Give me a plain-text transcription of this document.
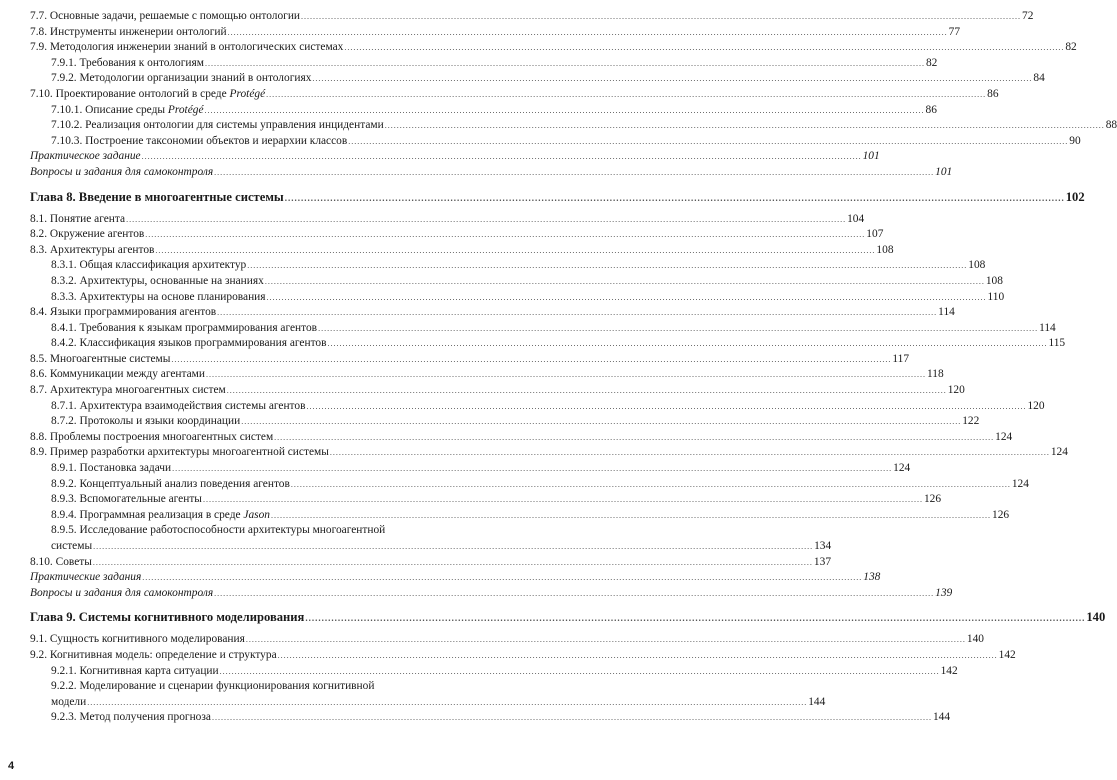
7.7. Основные задачи, решаемые с помощью онтологии .....	72
7.8. Инструменты инженерии онтологий .....	77
7.9. Методология инженерии знаний в онтологических системах .....	82
7.9.1. Требования к онтологиям .....	82
7.9.2. Методологии организации знаний в онтологиях .....	84
7.10. Проектирование онтологий в среде Protégé .....	86
7.10.1. Описание среды Protégé .....	86
7.10.2. Реализация онтологии для системы управления инцидентами .....	88
7.10.3. Построение таксономии объектов и иерархии классов .....	90
Практическое задание .....	101
Вопросы и задания для самоконтроля .....	101
Глава 8. Введение в многоагентные системы .....	102
8.1. Понятие агента .....	104
8.2. Окружение агентов .....	107
8.3. Архитектуры агентов .....	108
8.3.1. Общая классификация архитектур .....	108
8.3.2. Архитектуры, основанные на знаниях .....	108
8.3.3. Архитектуры на основе планирования .....	110
8.4. Языки программирования агентов .....	114
8.4.1. Требования к языкам программирования агентов .....	114
8.4.2. Классификация языков программирования агентов .....	115
8.5. Многоагентные системы .....	117
8.6. Коммуникации между агентами .....	118
8.7. Архитектура многоагентных систем .....	120
8.7.1. Архитектура взаимодействия системы агентов .....	120
8.7.2. Протоколы и языки координации .....	122
8.8. Проблемы построения многоагентных систем .....	124
8.9. Пример разработки архитектуры многоагентной системы .....	124
8.9.1. Постановка задачи .....	124
8.9.2. Концептуальный анализ поведения агентов .....	124
8.9.3. Вспомогательные агенты .....	126
8.9.4. Программная реализация в среде Jason .....	126
8.9.5. Исследование работоспособности архитектуры многоагентной
системы .....	134
8.10. Советы .....	137
Практические задания .....	138
Вопросы и задания для самоконтроля .....	139
Глава 9. Системы когнитивного моделирования .....	140
9.1. Сущность когнитивного моделирования .....	140
9.2. Когнитивная модель: определение и структура .....	142
9.2.1. Когнитивная карта ситуации .....	142
9.2.2. Моделирование и сценарии функционирования когнитивной
модели .....	144
9.2.3. Метод получения прогноза .....	144
4
